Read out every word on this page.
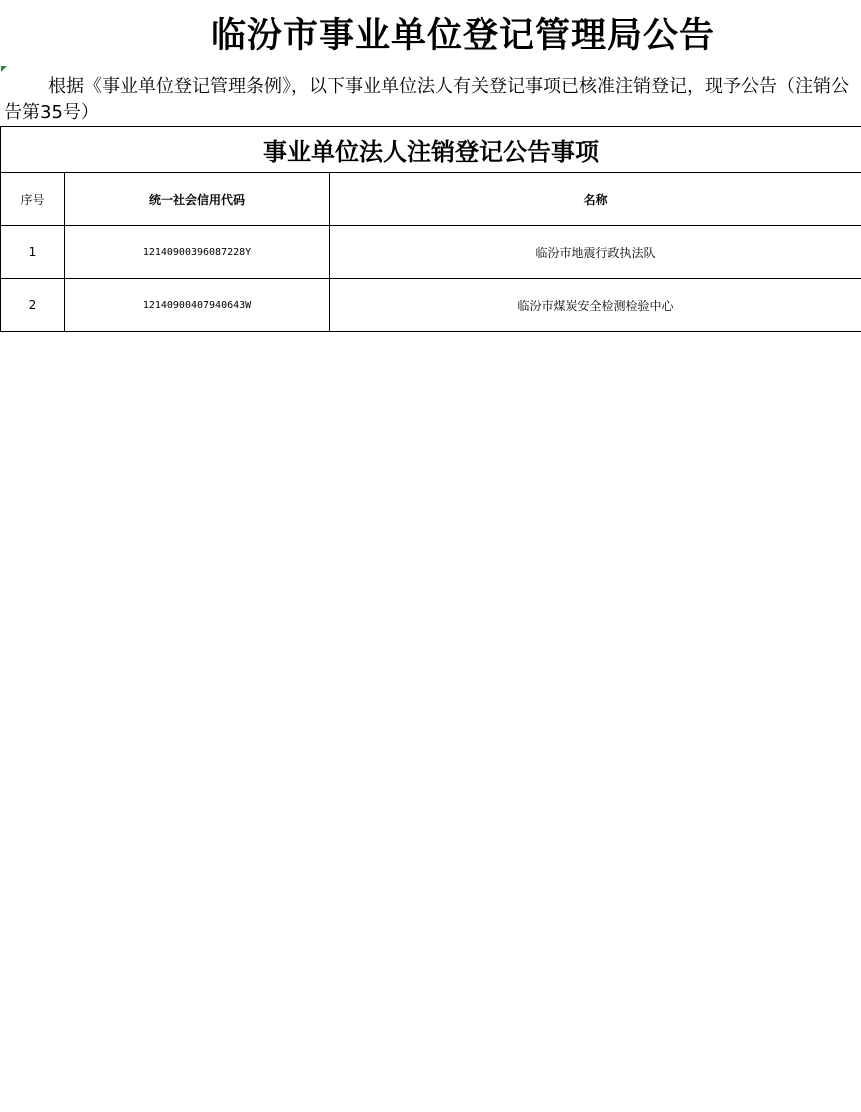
临汾市事业单位登记管理局公告
根据《事业单位登记管理条例》，以下事业单位法人有关登记事项已核准注销登记，现予公告（注销公告第35号）
事业单位法人注销登记公告事项		
序号	统一社会信用代码	名称
1	12140900396087228Y	临汾市地震行政执法队
2	12140900407940643W	临汾市煤炭安全检测检验中心
